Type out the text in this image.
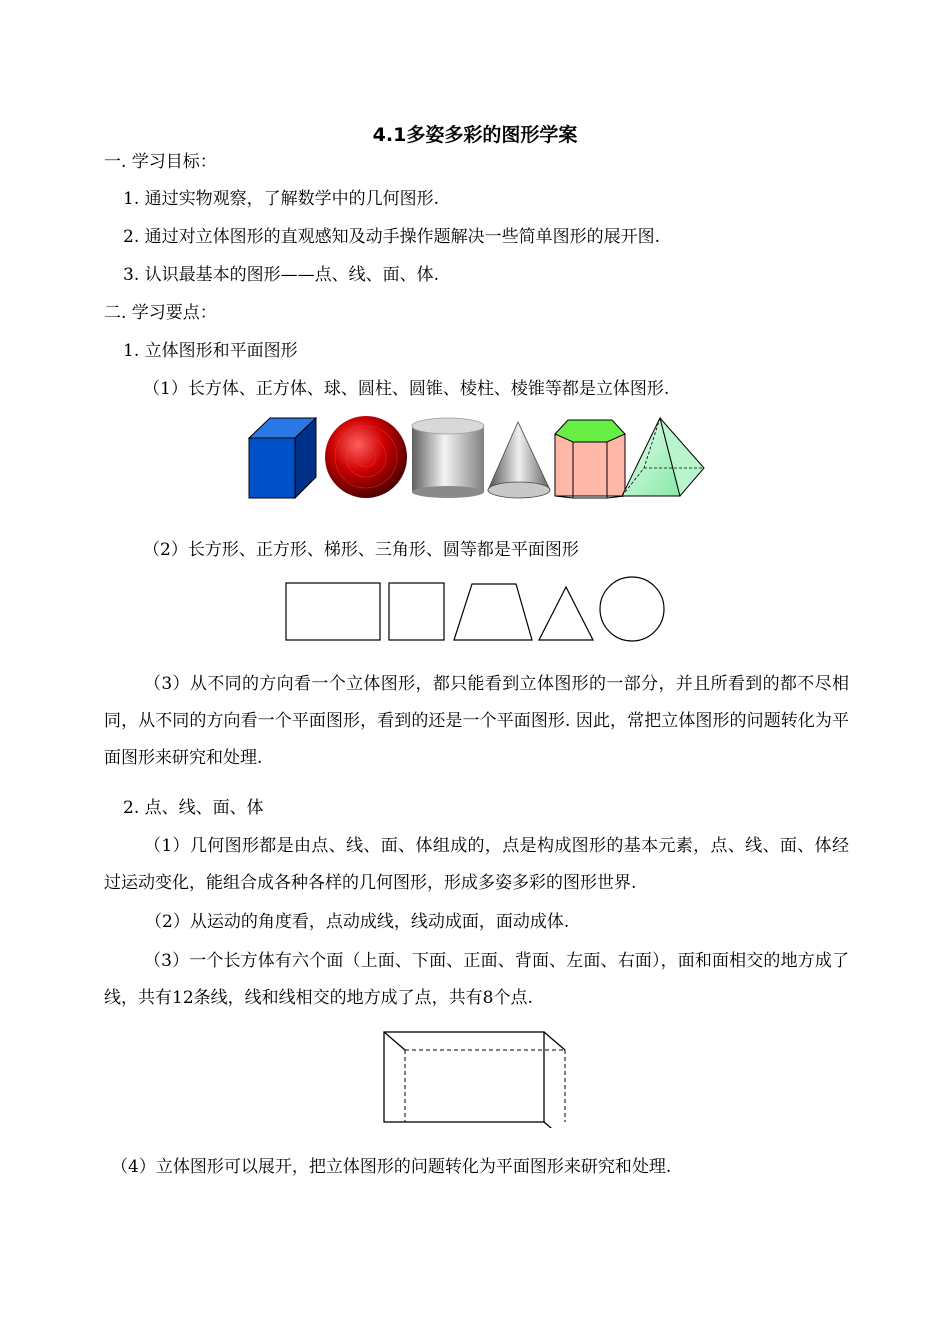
4.1多姿多彩的图形学案
一. 学习目标：
1. 通过实物观察，了解数学中的几何图形.
2. 通过对立体图形的直观感知及动手操作题解决一些简单图形的展开图.
3. 认识最基本的图形——点、线、面、体.
二. 学习要点：
1. 立体图形和平面图形
（1）长方体、正方体、球、圆柱、圆锥、棱柱、棱锥等都是立体图形.
（2）长方形、正方形、梯形、三角形、圆等都是平面图形
（3）从不同的方向看一个立体图形，都只能看到立体图形的一部分，并且所看到的都不尽相同，从不同的方向看一个平面图形，看到的还是一个平面图形. 因此，常把立体图形的问题转化为平面图形来研究和处理.
2. 点、线、面、体
（1）几何图形都是由点、线、面、体组成的，点是构成图形的基本元素，点、线、面、体经过运动变化，能组合成各种各样的几何图形，形成多姿多彩的图形世界.
（2）从运动的角度看，点动成线，线动成面，面动成体.
（3）一个长方体有六个面（上面、下面、正面、背面、左面、右面），面和面相交的地方成了线，共有12条线，线和线相交的地方成了点，共有8个点.
（4）立体图形可以展开，把立体图形的问题转化为平面图形来研究和处理.
